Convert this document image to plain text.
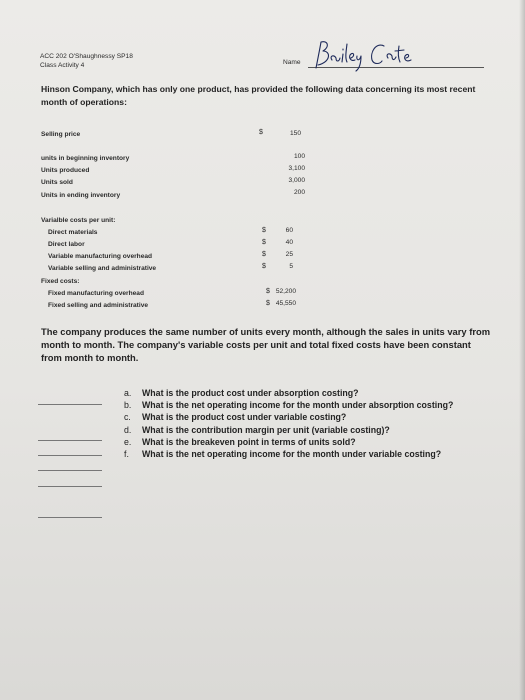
ACC 202 O'Shaughnessy SP18
Class Activity 4	Name
Hinson Company, which has only one product, has provided the following data concerning its most recent month of operations:
Selling price	$	150
units in beginning inventory	100
Units produced	3,100
Units sold	3,000
Units in ending inventory	200
Varialble costs per unit:
Direct materials	$	60
Direct labor	$	40
Variable manufacturing overhead	$	25
Variable selling and administrative	$	5
Fixed costs:
Fixed manufacturing overhead	$ 52,200
Fixed selling and administrative	$ 45,550
The company produces the same number of units every month, although the sales in units vary from month to month. The company's variable costs per unit and total fixed costs have been constant from month to month.
a. What is the product cost under absorption costing?
b. What is the net operating income for the month under absorption costing?
c. What is the product cost under variable costing?
d. What is the contribution margin per unit (variable costing)?
e. What is the breakeven point in terms of units sold?
f. What is the net operating income for the month under variable costing?
